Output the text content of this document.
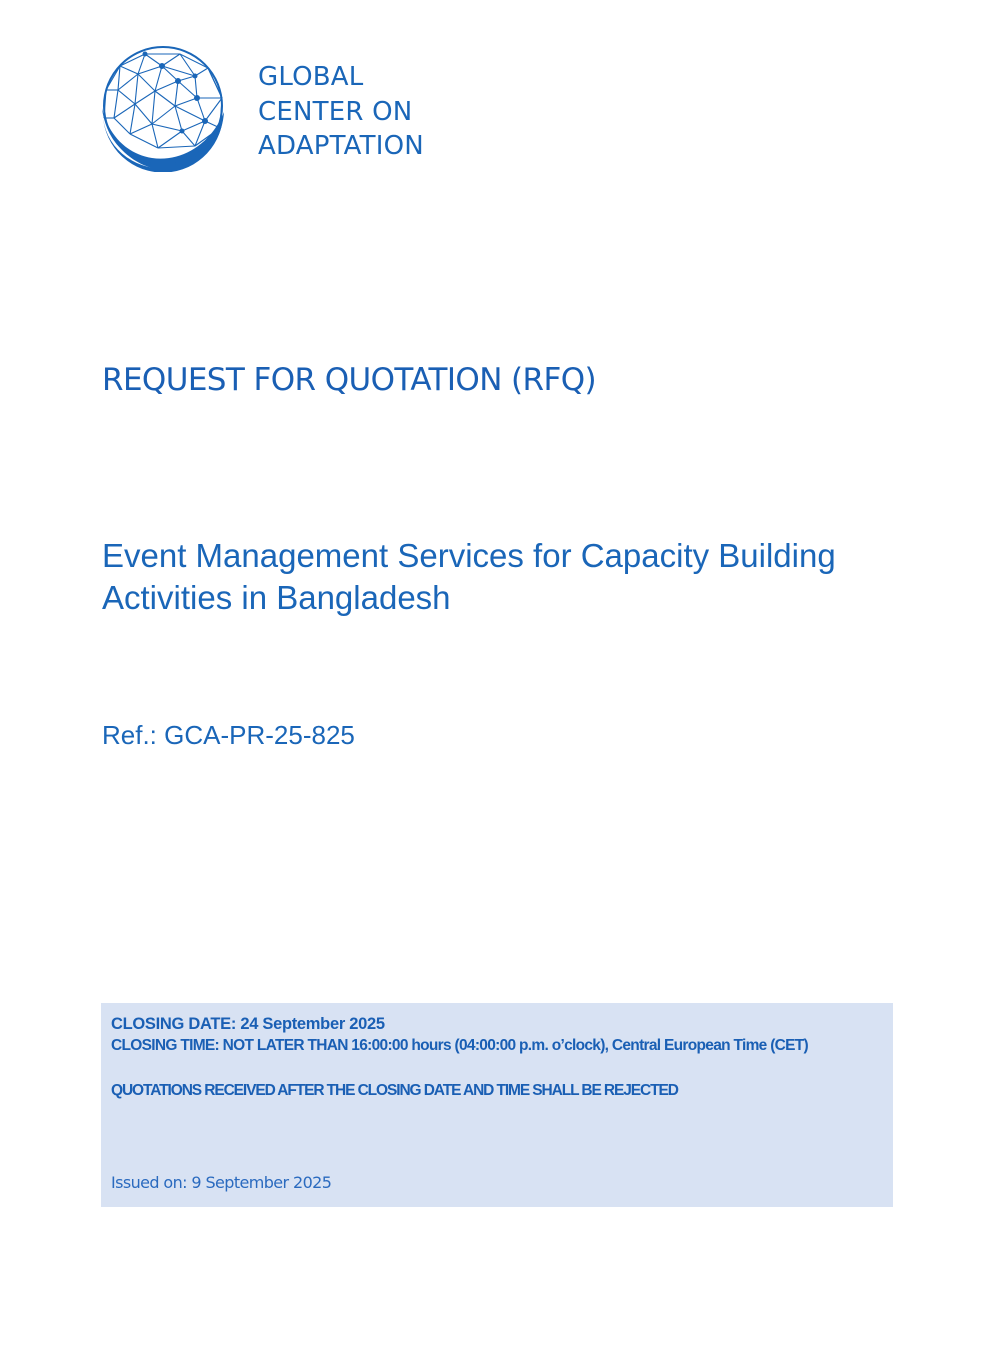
GLOBAL
CENTER ON
ADAPTATION
REQUEST FOR QUOTATION (RFQ)
Event Management Services for Capacity Building Activities in Bangladesh
Ref.: GCA-PR-25-825
CLOSING DATE: 24 September 2025
CLOSING TIME: NOT LATER THAN 16:00:00 hours (04:00:00 p.m. o’clock), Central European Time (CET)
QUOTATIONS RECEIVED AFTER THE CLOSING DATE AND TIME SHALL BE REJECTED
Issued on: 9 September 2025
